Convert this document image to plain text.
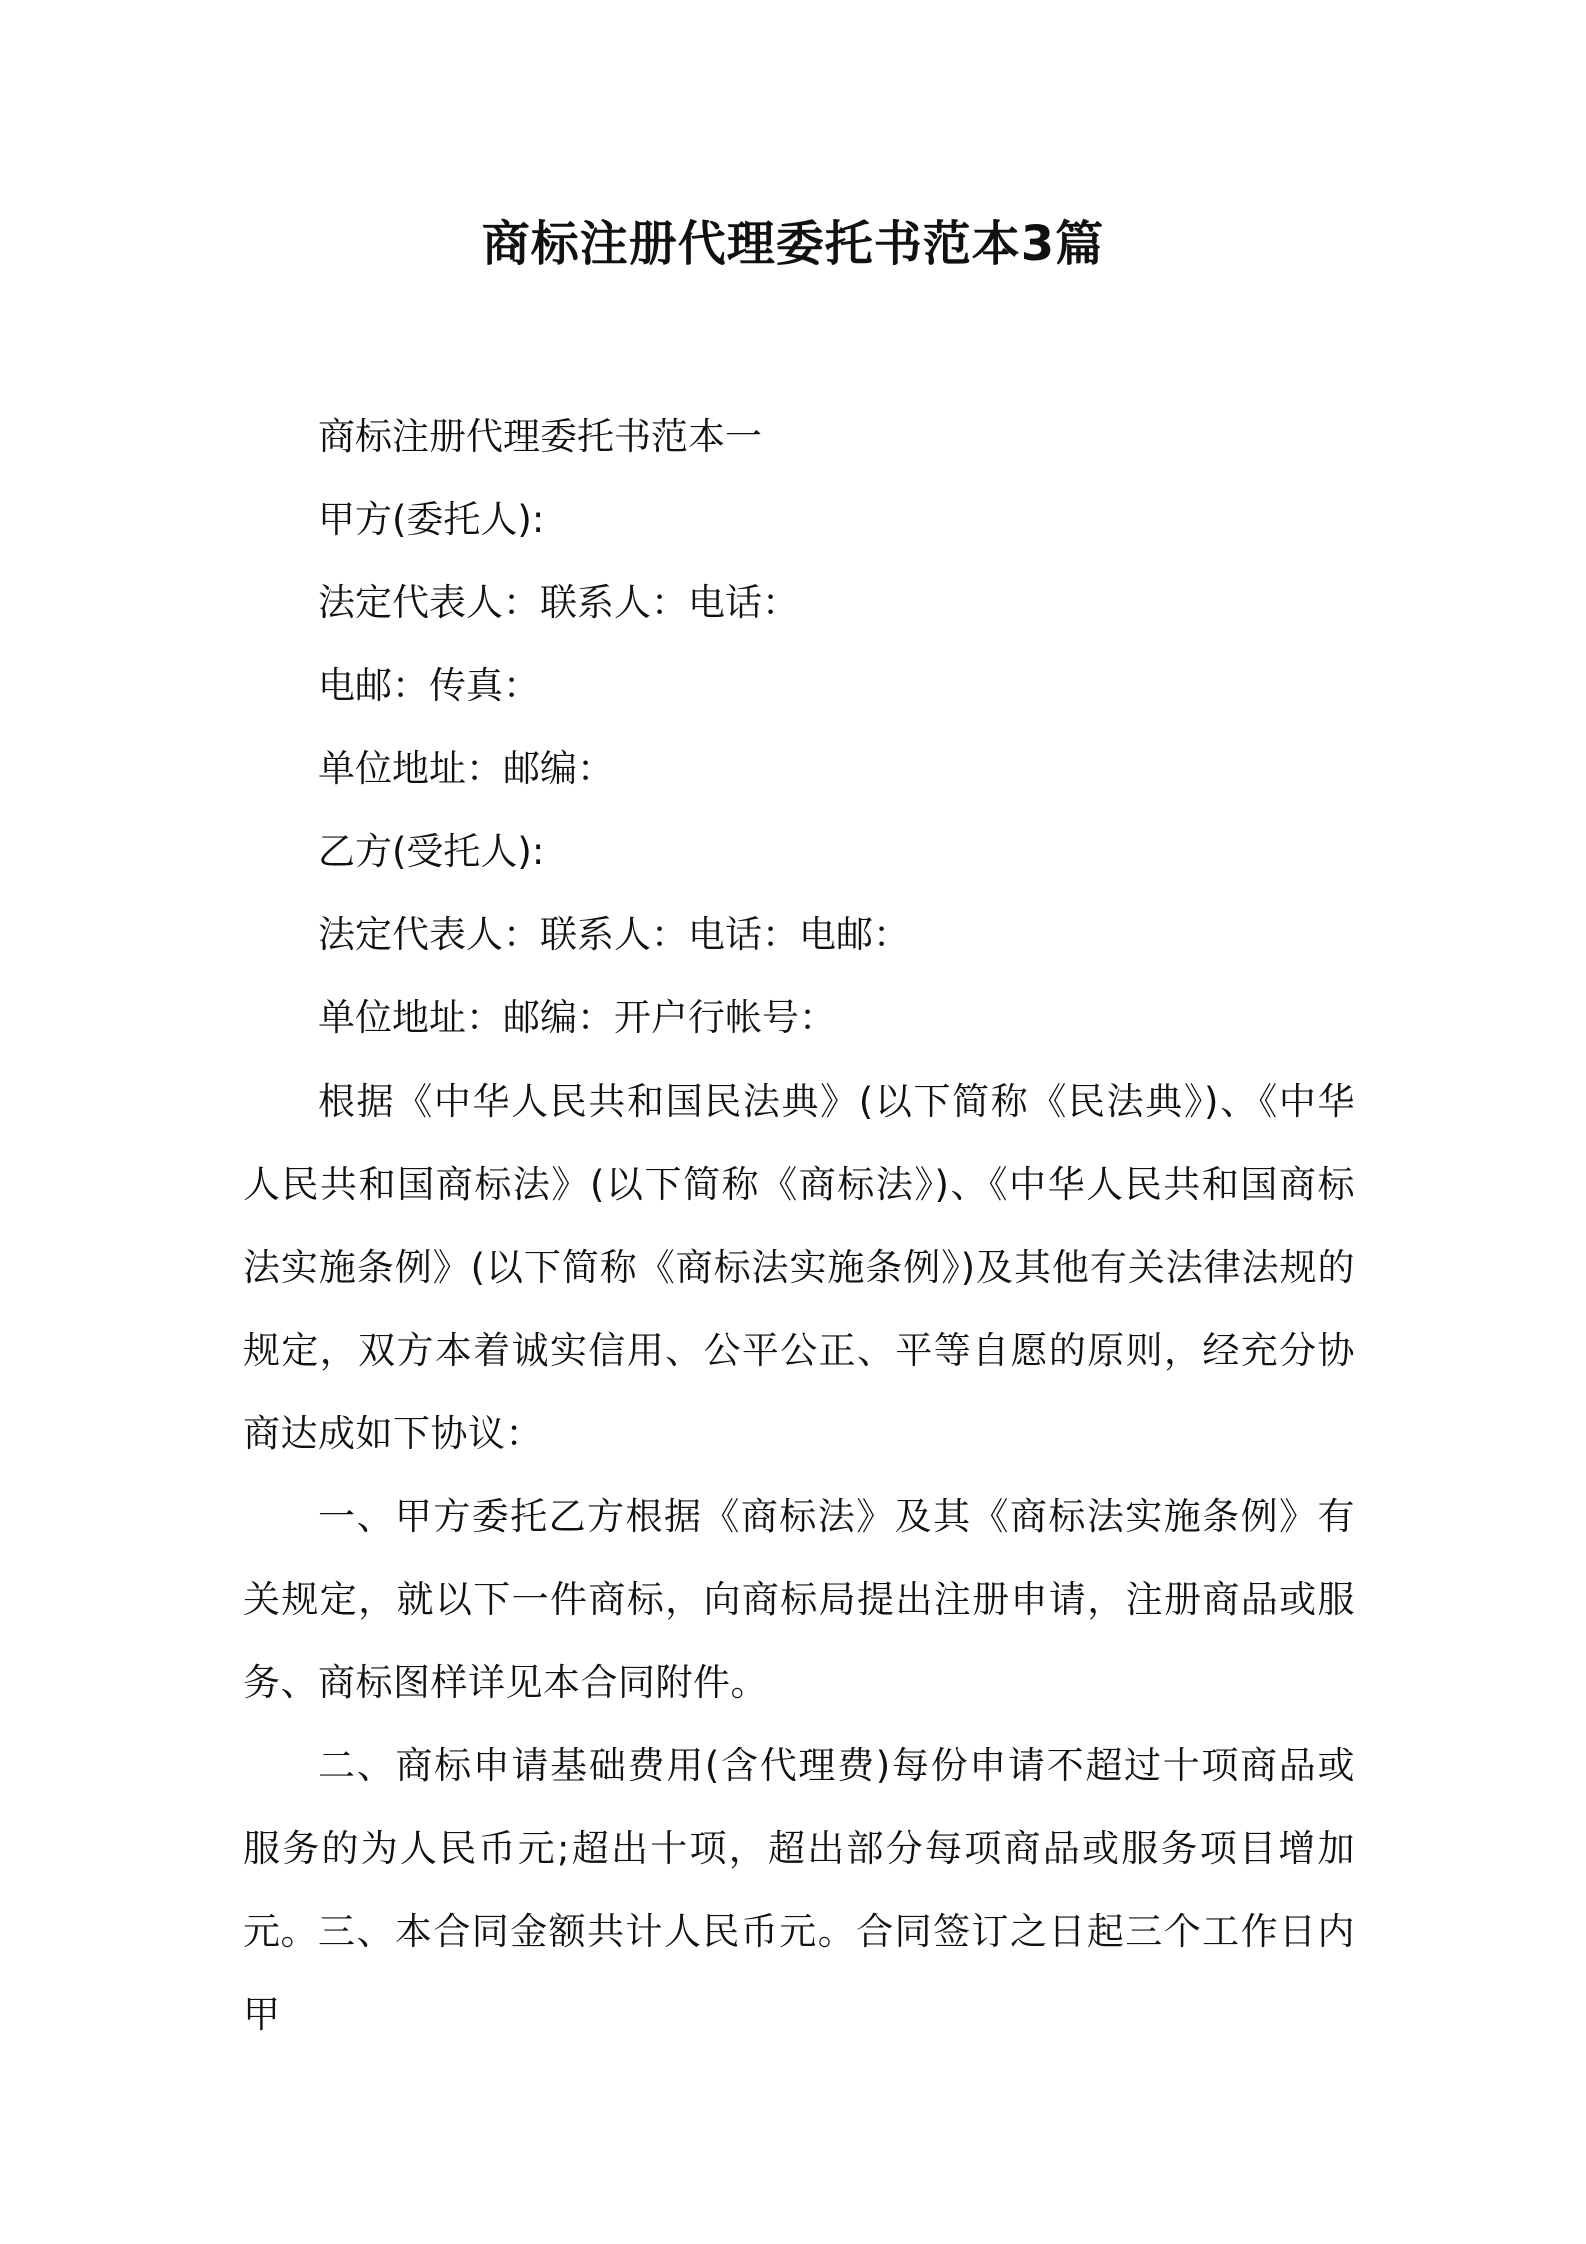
商标注册代理委托书范本3篇

商标注册代理委托书范本一

甲方(委托人):

法定代表人：联系人：电话：

电邮：传真：

单位地址：邮编：

乙方(受托人):

法定代表人：联系人：电话：电邮：

单位地址：邮编：开户行帐号：

根据《中华人民共和国民法典》(以下简称《民法典》)、《中华人民共和国商标法》(以下简称《商标法》)、《中华人民共和国商标法实施条例》(以下简称《商标法实施条例》)及其他有关法律法规的规定，双方本着诚实信用、公平公正、平等自愿的原则，经充分协商达成如下协议：

一、甲方委托乙方根据《商标法》及其《商标法实施条例》有关规定，就以下一件商标，向商标局提出注册申请，注册商品或服务、商标图样详见本合同附件。

二、商标申请基础费用(含代理费)每份申请不超过十项商品或服务的为人民币元;超出十项，超出部分每项商品或服务项目增加元。 三、本合同金额共计人民币元。合同签订之日起三个工作日内甲
